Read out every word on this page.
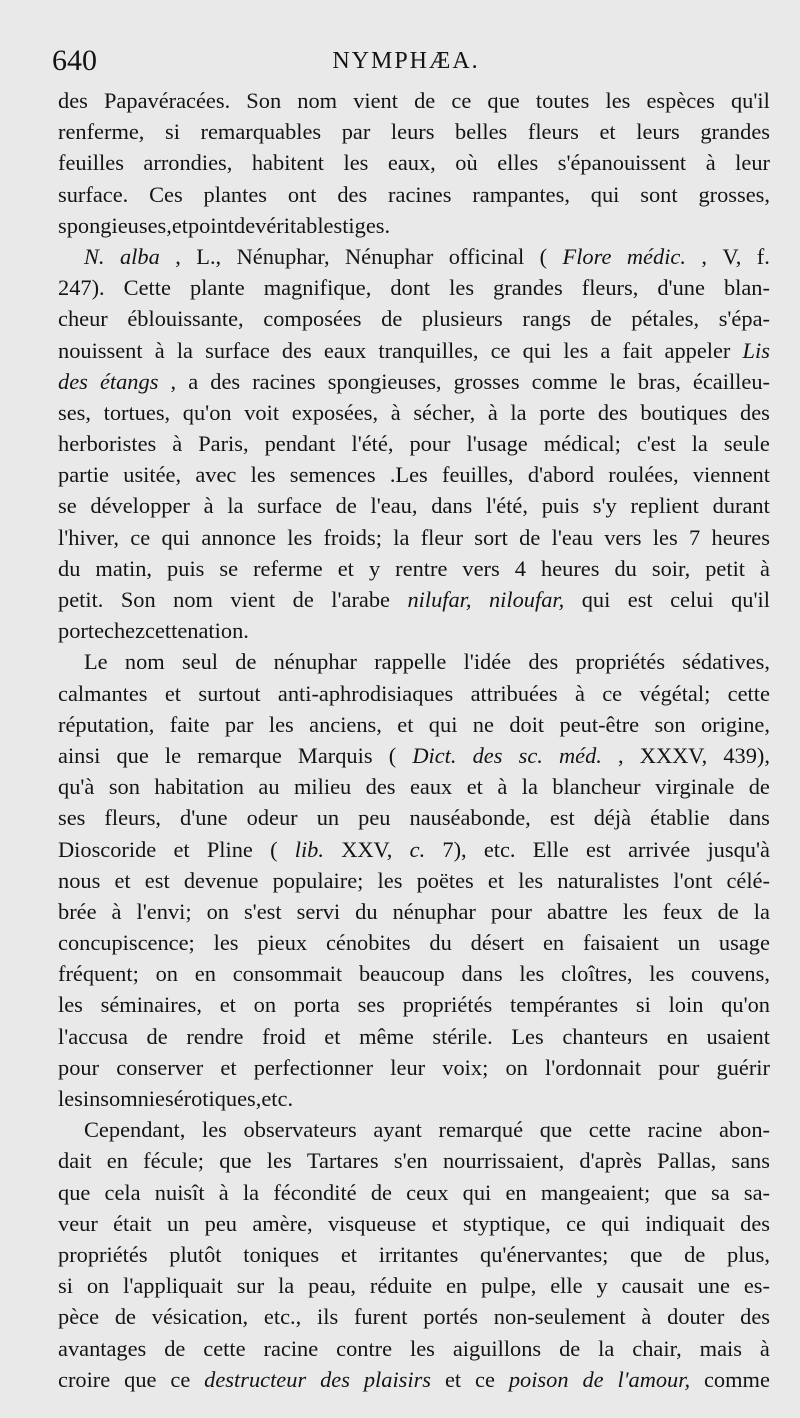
640	NYMPHÆA.
des Papavéracées. Son nom vient de ce que toutes les espèces qu'il
renferme, si remarquables par leurs belles fleurs et leurs grandes
feuilles arrondies, habitent les eaux, où elles s'épanouissent à leur
surface. Ces plantes ont des racines rampantes, qui sont grosses,
spongieuses, et point de véritables tiges.
N. alba , L., Nénuphar, Nénuphar officinal ( Flore médic. , V, f.
247). Cette plante magnifique, dont les grandes fleurs, d'une blan-
cheur éblouissante, composées de plusieurs rangs de pétales, s'épa-
nouissent à la surface des eaux tranquilles, ce qui les a fait appeler Lis
des étangs , a des racines spongieuses, grosses comme le bras, écailleu-
ses, tortues, qu'on voit exposées, à sécher, à la porte des boutiques des
herboristes à Paris, pendant l'été, pour l'usage médical; c'est la seule
partie usitée, avec les semences .Les feuilles, d'abord roulées, viennent
se développer à la surface de l'eau, dans l'été, puis s'y replient durant
l'hiver, ce qui annonce les froids; la fleur sort de l'eau vers les 7 heures
du matin, puis se referme et y rentre vers 4 heures du soir, petit à
petit. Son nom vient de l'arabe nilufar, niloufar, qui est celui qu'il
porte chez cette nation.
Le nom seul de nénuphar rappelle l'idée des propriétés sédatives,
calmantes et surtout anti-aphrodisiaques attribuées à ce végétal; cette
réputation, faite par les anciens, et qui ne doit peut-être son origine,
ainsi que le remarque Marquis ( Dict. des sc. méd. , XXXV, 439),
qu'à son habitation au milieu des eaux et à la blancheur virginale de
ses fleurs, d'une odeur un peu nauséabonde, est déjà établie dans
Dioscoride et Pline ( lib. XXV, c. 7), etc. Elle est arrivée jusqu'à
nous et est devenue populaire; les poëtes et les naturalistes l'ont célé-
brée à l'envi; on s'est servi du nénuphar pour abattre les feux de la
concupiscence; les pieux cénobites du désert en faisaient un usage
fréquent; on en consommait beaucoup dans les cloîtres, les couvens,
les séminaires, et on porta ses propriétés tempérantes si loin qu'on
l'accusa de rendre froid et même stérile. Les chanteurs en usaient
pour conserver et perfectionner leur voix; on l'ordonnait pour guérir
les insomnies érotiques, etc.
Cependant, les observateurs ayant remarqué que cette racine abon-
dait en fécule; que les Tartares s'en nourrissaient, d'après Pallas, sans
que cela nuisît à la fécondité de ceux qui en mangeaient; que sa sa-
veur était un peu amère, visqueuse et styptique, ce qui indiquait des
propriétés plutôt toniques et irritantes qu'énervantes; que de plus,
si on l'appliquait sur la peau, réduite en pulpe, elle y causait une es-
pèce de vésication, etc., ils furent portés non-seulement à douter des
avantages de cette racine contre les aiguillons de la chair, mais à
croire que ce destructeur des plaisirs et ce poison de l'amour, comme
